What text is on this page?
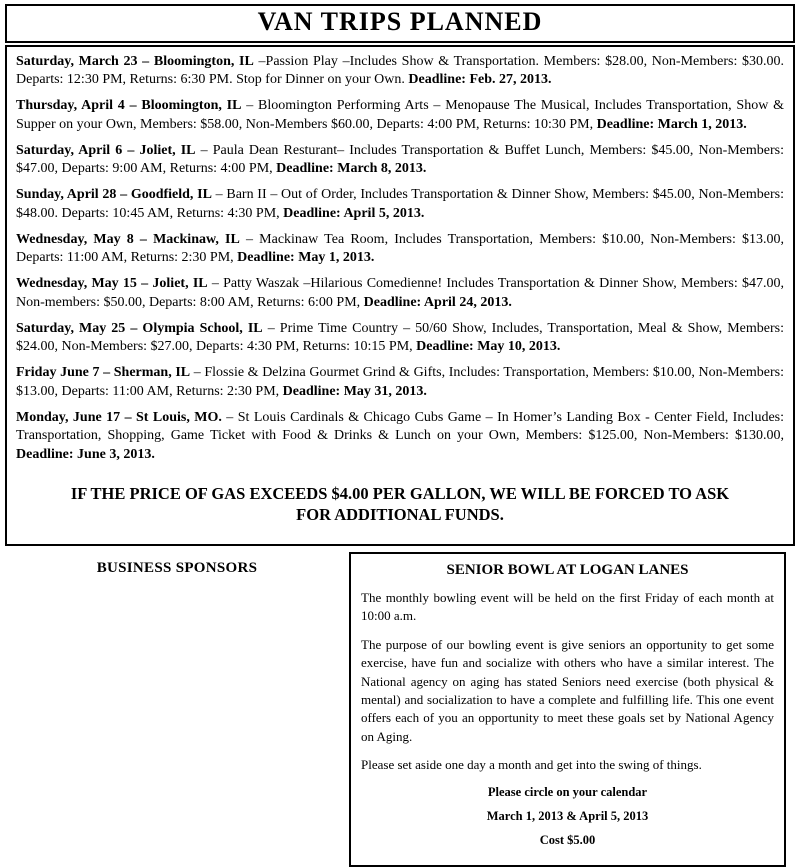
VAN TRIPS PLANNED

Saturday, March 23 – Bloomington, IL –Passion Play –Includes Show & Transportation. Members: $28.00, Non-Members: $30.00. Departs: 12:30 PM, Returns: 6:30 PM. Stop for Dinner on your Own. Deadline: Feb. 27, 2013.

Thursday, April 4 – Bloomington, IL – Bloomington Performing Arts – Menopause The Musical, Includes Transportation, Show & Supper on your Own, Members: $58.00, Non-Members $60.00, Departs: 4:00 PM, Returns: 10:30 PM, Deadline: March 1, 2013.

Saturday, April 6 – Joliet, IL – Paula Dean Resturant– Includes Transportation & Buffet Lunch, Members: $45.00, Non-Members: $47.00, Departs: 9:00 AM, Returns: 4:00 PM, Deadline: March 8, 2013.

Sunday, April 28 – Goodfield, IL – Barn II – Out of Order, Includes Transportation & Dinner Show, Members: $45.00, Non-Members: $48.00. Departs: 10:45 AM, Returns: 4:30 PM, Deadline: April 5, 2013.

Wednesday, May 8 – Mackinaw, IL – Mackinaw Tea Room, Includes Transportation, Members: $10.00, Non-Members: $13.00, Departs: 11:00 AM, Returns: 2:30 PM, Deadline: May 1, 2013.

Wednesday, May 15 – Joliet, IL – Patty Waszak –Hilarious Comedienne! Includes Transportation & Dinner Show, Members: $47.00, Non-members: $50.00, Departs: 8:00 AM, Returns: 6:00 PM, Deadline: April 24, 2013.

Saturday, May 25 – Olympia School, IL – Prime Time Country – 50/60 Show, Includes, Transportation, Meal & Show, Members: $24.00, Non-Members: $27.00, Departs: 4:30 PM, Returns: 10:15 PM, Deadline: May 10, 2013.

Friday June 7 – Sherman, IL – Flossie & Delzina Gourmet Grind & Gifts, Includes: Transportation, Members: $10.00, Non-Members: $13.00, Departs: 11:00 AM, Returns: 2:30 PM, Deadline: May 31, 2013.

Monday, June 17 – St Louis, MO. – St Louis Cardinals & Chicago Cubs Game – In Homer’s Landing Box - Center Field, Includes: Transportation, Shopping, Game Ticket with Food & Drinks & Lunch on your Own, Members: $125.00, Non-Members: $130.00, Deadline: June 3, 2013.

IF THE PRICE OF GAS EXCEEDS $4.00 PER GALLON, WE WILL BE FORCED TO ASK FOR ADDITIONAL FUNDS.

BUSINESS SPONSORS	SENIOR BOWL AT LOGAN LANES

The monthly bowling event will be held on the first Friday of each month at 10:00 a.m.

The purpose of our bowling event is give seniors an opportunity to get some exercise, have fun and socialize with others who have a similar interest. The National agency on aging has stated Seniors need exercise (both physical & mental) and socialization to have a complete and fulfilling life. This one event offers each of you an opportunity to meet these goals set by National Agency on Aging.

Please set aside one day a month and get into the swing of things.

Please circle on your calendar

March 1, 2013 & April 5, 2013

Cost $5.00
